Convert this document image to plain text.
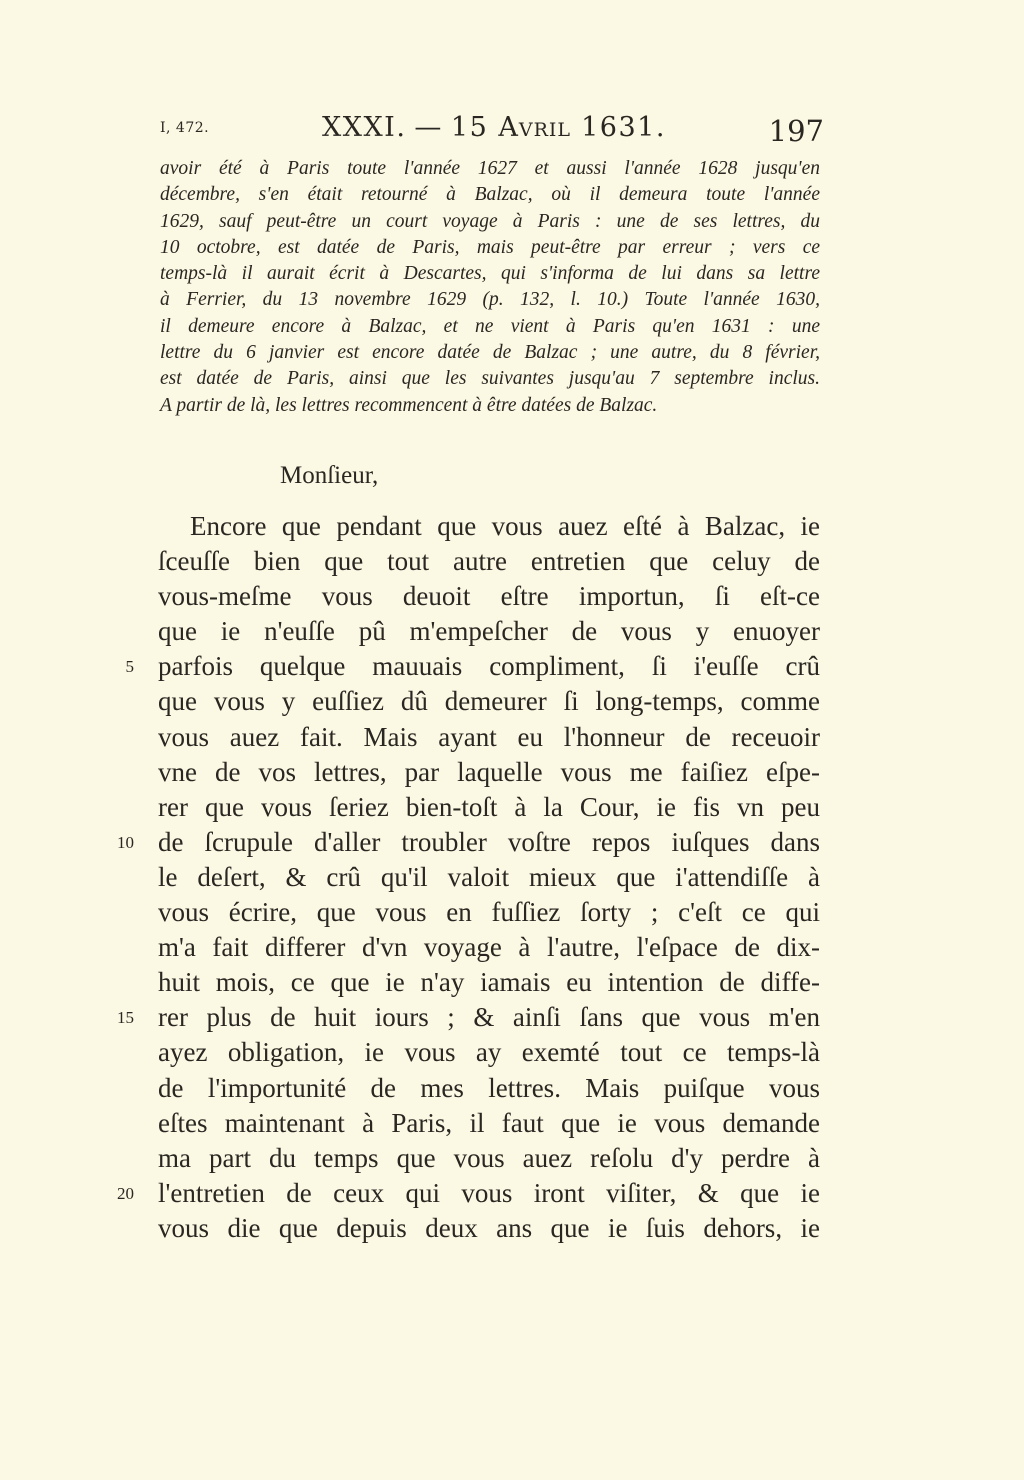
I, 472.	XXXI. — 15 Avril 1631.	197
avoir été à Paris toute l'année 1627 et aussi l'année 1628 jusqu'en
décembre, s'en était retourné à Balzac, où il demeura toute l'année
1629, sauf peut-être un court voyage à Paris : une de ses lettres, du
10 octobre, est datée de Paris, mais peut-être par erreur ; vers ce
temps-là il aurait écrit à Descartes, qui s'informa de lui dans sa lettre
à Ferrier, du 13 novembre 1629 (p. 132, l. 10.) Toute l'année 1630,
il demeure encore à Balzac, et ne vient à Paris qu'en 1631 : une
lettre du 6 janvier est encore datée de Balzac ; une autre, du 8 février,
est datée de Paris, ainsi que les suivantes jusqu'au 7 septembre inclus.
A partir de là, les lettres recommencent à être datées de Balzac.
Monſieur,
Encore que pendant que vous auez eſté à Balzac, ie
ſceuſſe bien que tout autre entretien que celuy de
vous-meſme vous deuoit eſtre importun, ſi eſt-ce
que ie n'euſſe pû m'empeſcher de vous y enuoyer
5 parfois quelque mauuais compliment, ſi i'euſſe crû
que vous y euſſiez dû demeurer ſi long-temps, comme
vous auez fait. Mais ayant eu l'honneur de receuoir
vne de vos lettres, par laquelle vous me faiſiez eſpe-
rer que vous ſeriez bien-toſt à la Cour, ie fis vn peu
10 de ſcrupule d'aller troubler voſtre repos iuſques dans
le deſert, & crû qu'il valoit mieux que i'attendiſſe à
vous écrire, que vous en fuſſiez ſorty ; c'eſt ce qui
m'a fait differer d'vn voyage à l'autre, l'eſpace de dix-
huit mois, ce que ie n'ay iamais eu intention de diffe-
15 rer plus de huit iours ; & ainſi ſans que vous m'en
ayez obligation, ie vous ay exemté tout ce temps-là
de l'importunité de mes lettres. Mais puiſque vous
eſtes maintenant à Paris, il faut que ie vous demande
ma part du temps que vous auez reſolu d'y perdre à
20 l'entretien de ceux qui vous iront viſiter, & que ie
vous die que depuis deux ans que ie ſuis dehors, ie
